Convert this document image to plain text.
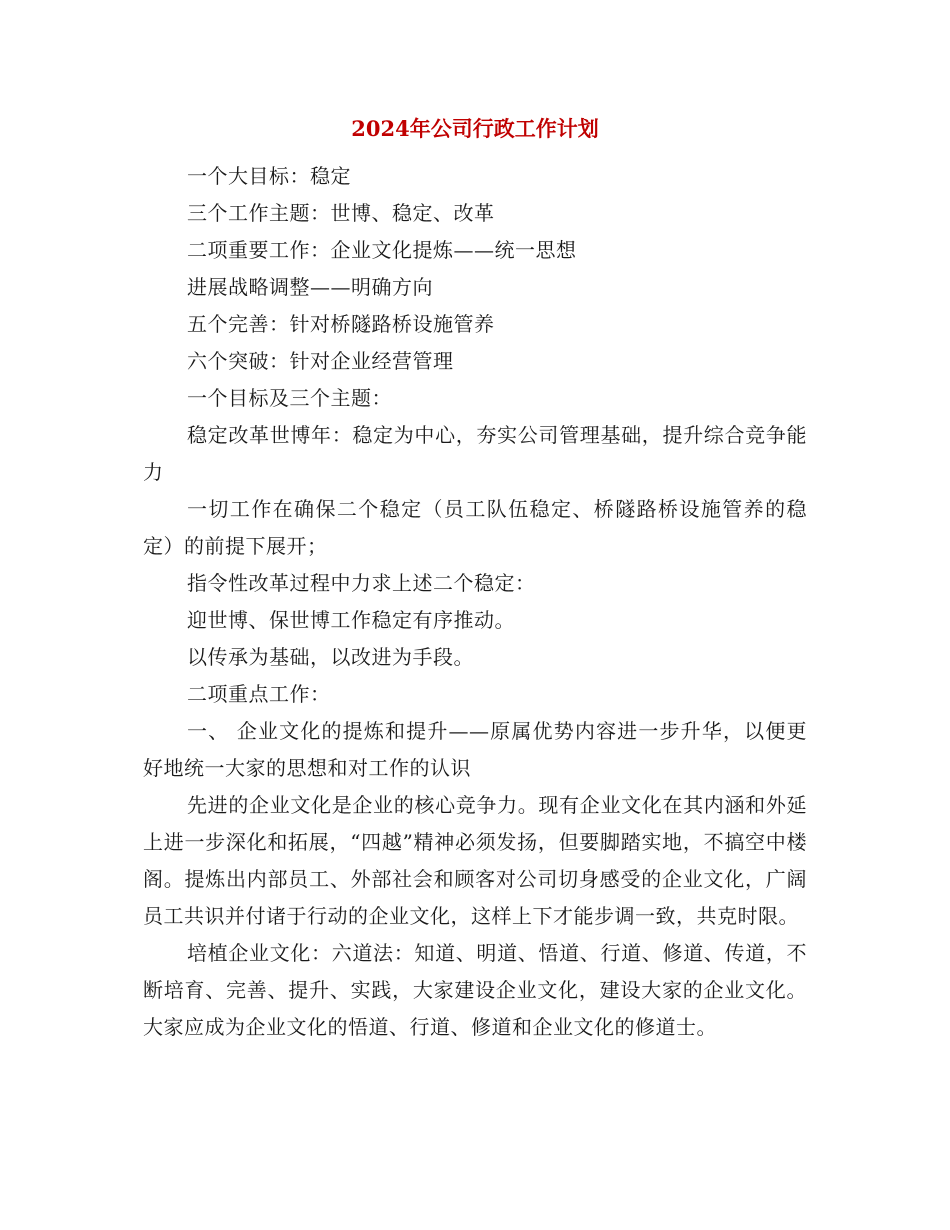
2024年公司行政工作计划

一个大目标：稳定

三个工作主题：世博、稳定、改革

二项重要工作：企业文化提炼——统一思想

进展战略调整——明确方向

五个完善：针对桥隧路桥设施管养

六个突破：针对企业经营管理

一个目标及三个主题：

稳定改革世博年：稳定为中心，夯实公司管理基础，提升综合竞争能力

一切工作在确保二个稳定（员工队伍稳定、桥隧路桥设施管养的稳定）的前提下展开；

指令性改革过程中力求上述二个稳定：

迎世博、保世博工作稳定有序推动。

以传承为基础，以改进为手段。

二项重点工作：

一、 企业文化的提炼和提升——原属优势内容进一步升华，以便更好地统一大家的思想和对工作的认识

先进的企业文化是企业的核心竞争力。现有企业文化在其内涵和外延上进一步深化和拓展，“四越”精神必须发扬，但要脚踏实地，不搞空中楼阁。提炼出内部员工、外部社会和顾客对公司切身感受的企业文化，广阔员工共识并付诸于行动的企业文化，这样上下才能步调一致，共克时限。

培植企业文化：六道法：知道、明道、悟道、行道、修道、传道，不断培育、完善、提升、实践，大家建设企业文化，建设大家的企业文化。大家应成为企业文化的悟道、行道、修道和企业文化的修道士。
